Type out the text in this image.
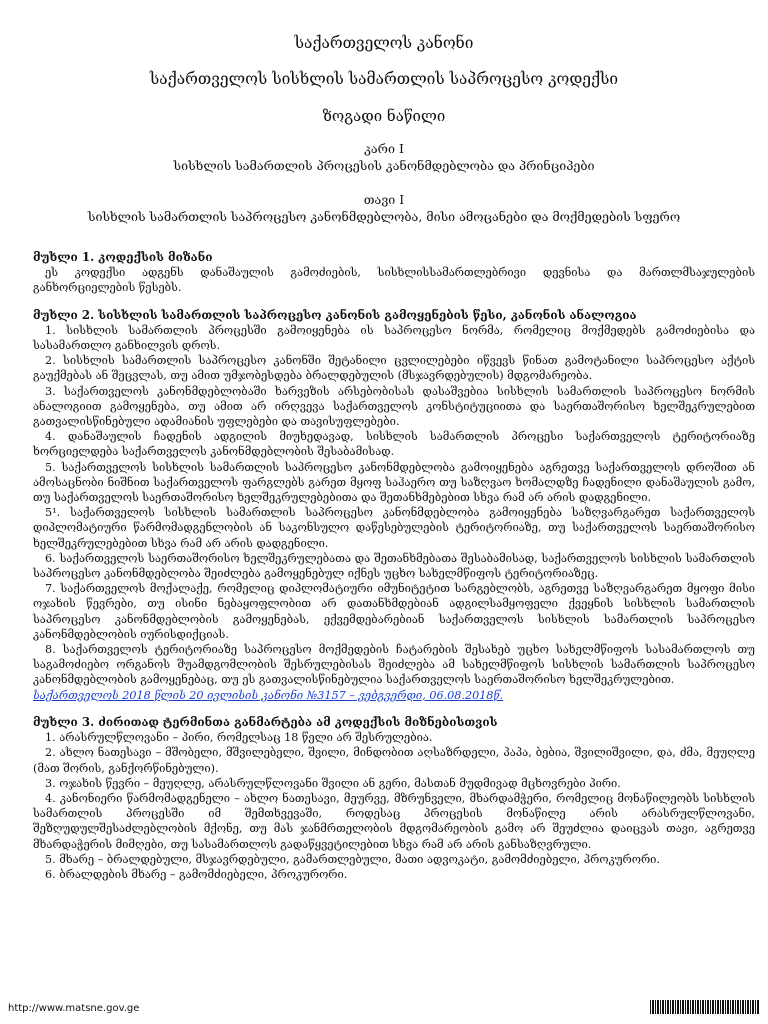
საქართველოს კანონი
საქართველოს სისხლის სამართლის საპროცესო კოდექსი
ზოგადი ნაწილი
კარი I
სისხლის სამართლის პროცესის კანონმდებლობა და პრინციპები
თავი I
სისხლის სამართლის საპროცესო კანონმდებლობა, მისი ამოცანები და მოქმედების სფერო
მუხლი 1. კოდექსის მიზანი

ეს კოდექსი ადგენს დანაშაულის გამოძიების, სისხლისსამართლებრივი დევნისა და მართლმსაჯულების განხორციელების წესებს.

მუხლი 2. სისხლის სამართლის საპროცესო კანონის გამოყენების წესი, კანონის ანალოგია

1. სისხლის სამართლის პროცესში გამოიყენება ის საპროცესო ნორმა, რომელიც მოქმედებს გამოძიებისა და სასამართლო განხილვის დროს.

2. სისხლის სამართლის საპროცესო კანონში შეტანილი ცვლილებები იწვევს წინათ გამოტანილი საპროცესო აქტის გაუქმებას ან შეცვლას, თუ ამით უმჯობესდება ბრალდებულის (მსჯავრდებულის) მდგომარეობა.

3. საქართველოს კანონმდებლობაში ხარვეზის არსებობისას დასაშვებია სისხლის სამართლის საპროცესო ნორმის ანალოგიით გამოყენება, თუ ამით არ ირღვევა საქართველოს კონსტიტუციითა და საერთაშორისო ხელშეკრულებით გათვალისწინებული ადამიანის უფლებები და თავისუფლებები.

4. დანაშაულის ჩადენის ადგილის მიუხედავად, სისხლის სამართლის პროცესი საქართველოს ტერიტორიაზე ხორციელდება საქართველოს კანონმდებლობის შესაბამისად.

5. საქართველოს სისხლის სამართლის საპროცესო კანონმდებლობა გამოიყენება აგრეთვე საქართველოს დროშით ან ამოსაცნობი ნიშნით საქართველოს ფარგლებს გარეთ მყოფ საჰაერო თუ საზღვაო ხომალდზე ჩადენილი დანაშაულის გამო, თუ საქართველოს საერთაშორისო ხელშეკრულებებითა და შეთანხმებებით სხვა რამ არ არის დადგენილი.

5¹. საქართველოს სისხლის სამართლის საპროცესო კანონმდებლობა გამოიყენება საზღვარგარეთ საქართველოს დიპლომატიური წარმომადგენლობის ან საკონსულო დაწესებულების ტერიტორიაზე, თუ საქართველოს საერთაშორისო ხელშეკრულებებით სხვა რამ არ არის დადგენილი.

6. საქართველოს საერთაშორისო ხელშეკრულებათა და შეთანხმებათა შესაბამისად, საქართველოს სისხლის სამართლის საპროცესო კანონმდებლობა შეიძლება გამოყენებულ იქნეს უცხო სახელმწიფოს ტერიტორიაზეც.

7. საქართველოს მოქალაქე, რომელიც დიპლომატიური იმუნიტეტით სარგებლობს, აგრეთვე საზღვარგარეთ მყოფი მისი ოჯახის წევრები, თუ ისინი ნებაყოფლობით არ დათანხმდებიან ადგილსამყოფელი ქვეყნის სისხლის სამართლის საპროცესო კანონმდებლობის გამოყენებას, ექვემდებარებიან საქართველოს სისხლის სამართლის საპროცესო კანონმდებლობის იურისდიქციას.

8. საქართველოს ტერიტორიაზე საპროცესო მოქმედების ჩატარების შესახებ უცხო სახელმწიფოს სასამართლოს თუ საგამოძიებო ორგანოს შუამდგომლობის შესრულებისას შეიძლება ამ სახელმწიფოს სისხლის სამართლის საპროცესო კანონმდებლობის გამოყენებაც, თუ ეს გათვალისწინებულია საქართველოს საერთაშორისო ხელშეკრულებით.

საქართველოს 2018 წლის 20 ივლისის კანონი №3157 – ვებგვერდი, 06.08.2018წ.

მუხლი 3. ძირითად ტერმინთა განმარტება ამ კოდექსის მიზნებისთვის

1. არასრულწლოვანი – პირი, რომელსაც 18 წელი არ შესრულებია.

2. ახლო ნათესავი – მშობელი, მშვილებელი, შვილი, მინდობით აღსაზრდელი, პაპა, ბებია, შვილიშვილი, და, ძმა, მეუღლე (მათ შორის, განქორწინებული).

3. ოჯახის წევრი – მეუღლე, არასრულწლოვანი შვილი ან გერი, მასთან მუდმივად მცხოვრები პირი.

4. კანონიერი წარმომადგენელი – ახლო ნათესავი, მეურვე, მზრუნველი, მხარდამჭერი, რომელიც მონაწილეობს სისხლის სამართლის პროცესში იმ შემთხვევაში, როდესაც პროცესის მონაწილე არის არასრულწლოვანი, შეზღუდულშესაძლებლობის მქონე, თუ მას ჯანმრთელობის მდგომარეობის გამო არ შეუძლია დაიცვას თავი, აგრეთვე მხარდაჭერის მიმღები, თუ სასამართლოს გადაწყვეტილებით სხვა რამ არ არის განსაზღვრული.

5. მხარე – ბრალდებული, მსჯავრდებული, გამართლებული, მათი ადვოკატი, გამომძიებელი, პროკურორი.

6. ბრალდების მხარე – გამომძიებელი, პროკურორი.

http://www.matsne.gov.ge
